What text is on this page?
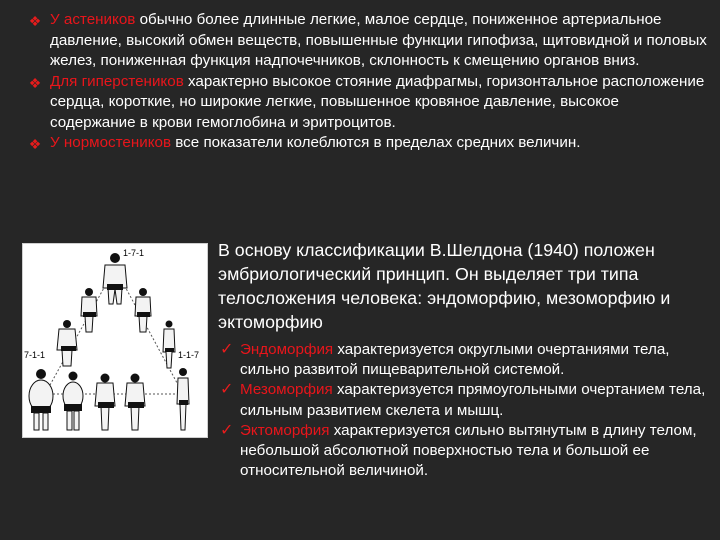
❖ У астеников обычно более длинные легкие, малое сердце, пониженное артериальное давление, высокий обмен веществ, повышенные функции гипофиза, щитовидной и половых желез, пониженная функция надпочечников, склонность к смещению органов вниз.
❖ Для гиперстеников характерно высокое стояние диафрагмы, горизонтальное расположение сердца, короткие, но широкие легкие, повышенное кровяное давление, высокое содержание в крови гемоглобина и эритроцитов.
❖ У нормостеников все показатели колеблются в пределах средних величин.
1-7-1
7-1-1	1-1-7
В основу классификации В.Шелдона (1940) положен эмбриологический принцип. Он выделяет три типа телосложения человека: эндоморфию, мезоморфию и эктоморфию
✓ Эндоморфия характеризуется округлыми очертаниями тела, сильно развитой пищеварительной системой.
✓ Мезоморфия характеризуется прямоугольными очертанием тела, сильным развитием скелета и мышц.
✓ Эктоморфия характеризуется сильно вытянутым в длину телом, небольшой абсолютной поверхностью тела и большой ее относительной величиной.
